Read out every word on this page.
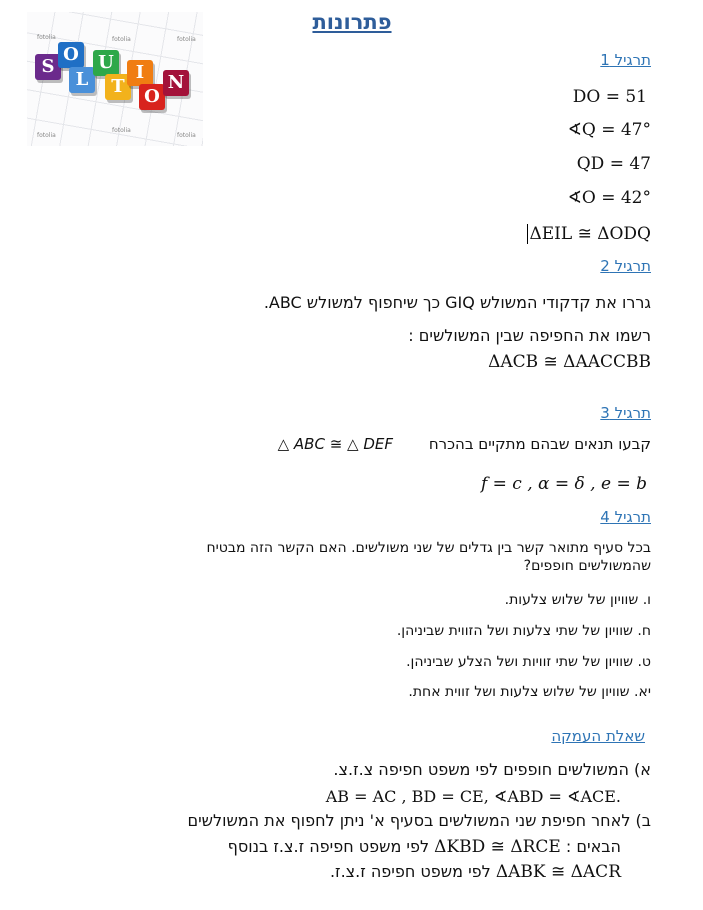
fotolia	fotolia	fotolia
fotolia
fotolia
fotolia
S
O
L
U
T
I
O
N
פתרונות
תרגיל 1
DO = 51
∢Q = 47°
QD = 47
∢O = 42°
ΔEIL ≅ ΔODQ
תרגיל 2
גררו את קדקודי המשולש GIQ כך שיחפוף למשולש ABC.
רשמו את החפיפה שבין המשולשים :
ΔACB ≅ ΔAACCBB
תרגיל 3
קבעו תנאים שבהם מתקיים בהכרח
△ ABC ≅ △ DEF
f = c , α = δ , e = b
תרגיל 4
בכל סעיף מתואר קשר בין גדלים של שני משולשים. האם הקשר הזה מבטיח
שהמשולשים חופפים?
ו. שוויון של שלוש צלעות.
ח. שוויון של שתי צלעות ושל הזווית שביניהן.
ט. שוויון של שתי זוויות ושל הצלע שביניהן.
יא. שוויון של שלוש צלעות ושל זווית אחת.
שאלת העמקה
א) המשולשים חופפים לפי משפט חפיפה צ.ז.צ.
AB = AC , BD = CE, ∢ABD = ∢ACE.
ב) לאחר חפיפת שני המשולשים בסעיף א' ניתן לחפוף את המשולשים
הבאים : ΔKBD ≅ ΔRCE לפי משפט חפיפה ז.צ.ז בנוסף
ΔABK ≅ ΔACR לפי משפט חפיפה ז.צ.ז.
